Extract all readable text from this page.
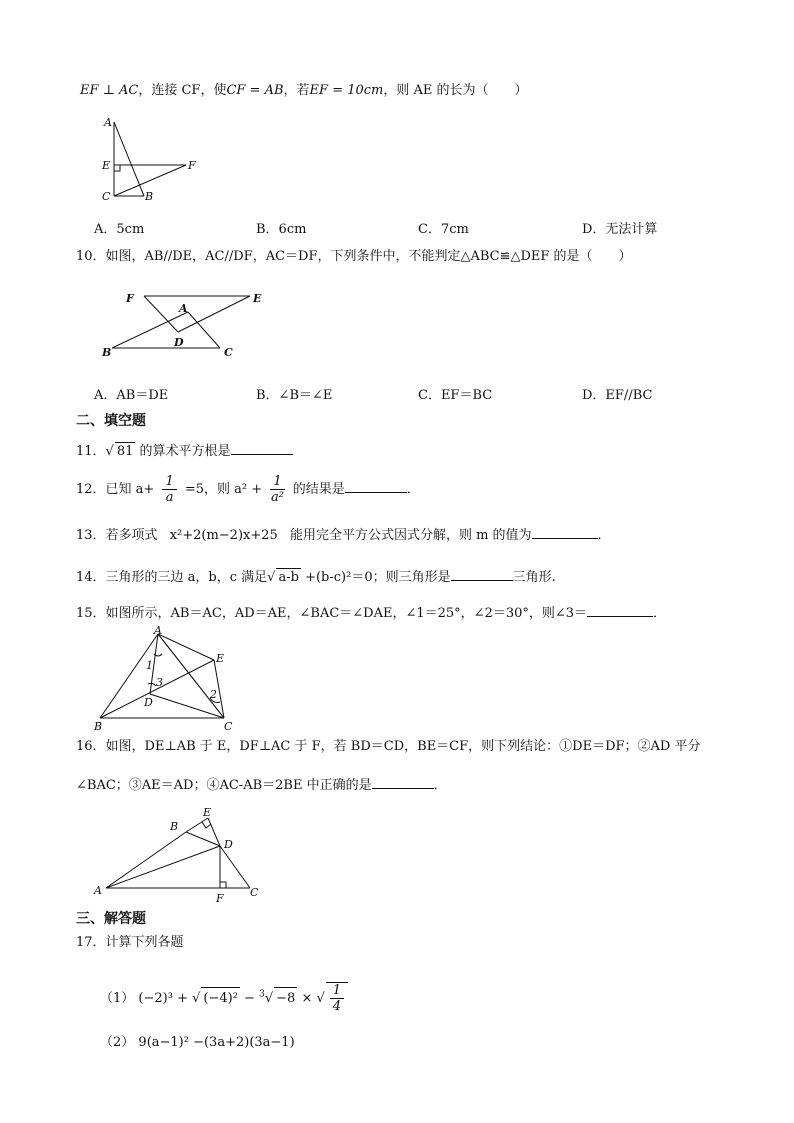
EF ⊥ AC，连接 CF，使CF = AB，若EF = 10cm，则 AE 的长为（　　）
A
E	F
C	B
A．5cm	B．6cm	C．7cm	D．无法计算
10．如图，AB//DE，AC//DF，AC＝DF，下列条件中，不能判定△ABC≌△DEF 的是（　　）
F
A
E
D
B	C
A．AB＝DE	B．∠B＝∠E	C．EF＝BC	D．EF//BC
二、填空题
11．√ 81 的算术平方根是
12．已知 $a+ \frac{1}{a} =5$，则 $a^2 + \frac{1}{\text{a²}}$ 的结果是	．
13．若多项式 x²+2(m−2)x+25 能用完全平方公式因式分解，则 m 的值为	．
14．三角形的三边 a，b，c 满足√ a-b +(b-c)²＝0；则三角形是	三角形.
15．如图所示，AB＝AC，AD＝AE，∠BAC＝∠DAE，∠1＝25°，∠2＝30°，则∠3＝	．
A
E
1
3
D
2
B	C
16．如图，DE⊥AB 于 E，DF⊥AC 于 F，若 BD＝CD，BE＝CF，则下列结论：①DE＝DF；②AD 平分
∠BAC；③AE＝AD；④AC-AB＝2BE 中正确的是	．
E
B
D
A
F C
三、解答题
17．计算下列各题
（1） (−2)³ + √ (−4)² − $^3$√ −8 × √ $\frac{1}{4}$
（2） 9(a−1)² −(3a+2)(3a−1)
